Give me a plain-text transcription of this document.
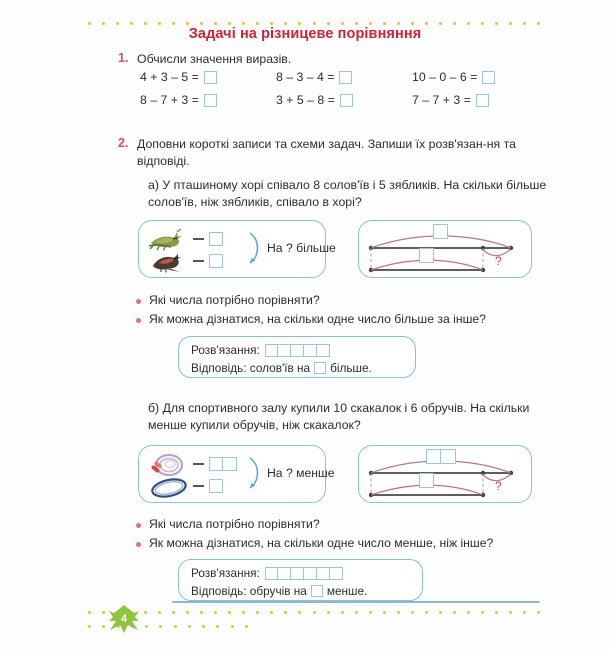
Задачі на різницеве порівняння
1. Обчисли значення виразів.
4 + 3 – 5 =	8 – 3 – 4 =	10 – 0 – 6 =
8 – 7 + 3 =	3 + 5 – 8 =	7 – 7 + 3 =
2. Доповни короткі записи та схеми задач. Запиши їх розв'язан-ня та відповіді.
а) У пташиному хорі співало 8 солов'їв і 5 зябликів. На скільки більше солов'їв, ніж зябликів, співало в хорі?
На ? більше
?
Які числа потрібно порівняти?
Як можна дізнатися, на скільки одне число більше за інше?
Розв'язання:
Відповідь: солов'їв на більше.
б) Для спортивного залу купили 10 скакалок і 6 обручів. На скільки менше купили обручів, ніж скакалок?
На ? менше
?
Які числа потрібно порівняти?
Як можна дізнатися, на скільки одне число менше, ніж інше?
Розв'язання:
Відповідь: обручів на менше.
4
